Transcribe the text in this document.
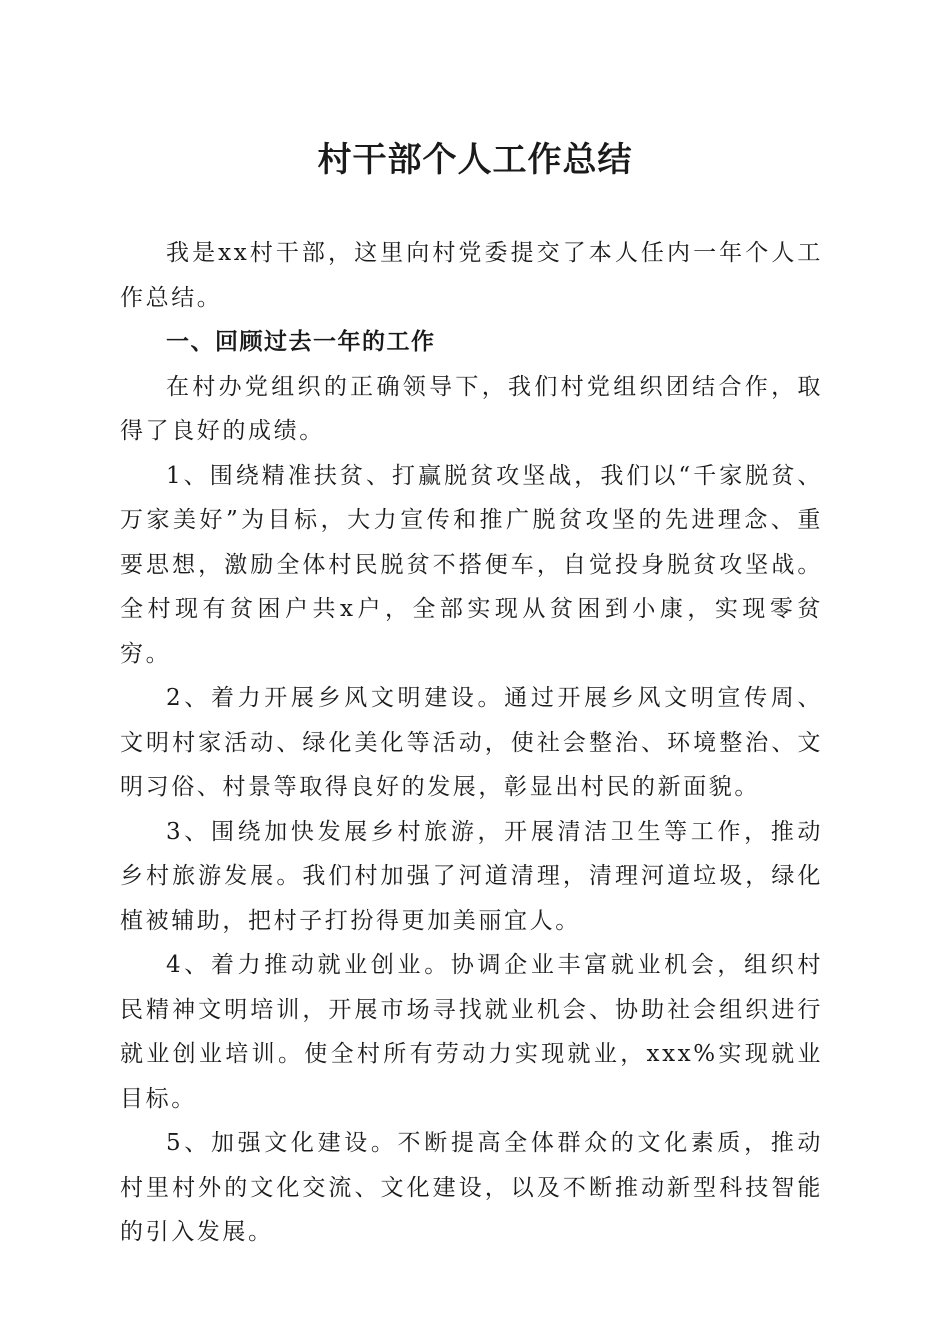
村干部个人工作总结

我是xx村干部，这里向村党委提交了本人任内一年个人工作总结。

一、回顾过去一年的工作

在村办党组织的正确领导下，我们村党组织团结合作，取得了良好的成绩。

1、围绕精准扶贫、打赢脱贫攻坚战，我们以“千家脱贫、万家美好”为目标，大力宣传和推广脱贫攻坚的先进理念、重要思想，激励全体村民脱贫不搭便车，自觉投身脱贫攻坚战。全村现有贫困户共x户，全部实现从贫困到小康，实现零贫穷。

2、着力开展乡风文明建设。通过开展乡风文明宣传周、文明村家活动、绿化美化等活动，使社会整治、环境整治、文明习俗、村景等取得良好的发展，彰显出村民的新面貌。

3、围绕加快发展乡村旅游，开展清洁卫生等工作，推动乡村旅游发展。我们村加强了河道清理，清理河道垃圾，绿化植被辅助，把村子打扮得更加美丽宜人。

4、着力推动就业创业。协调企业丰富就业机会，组织村民精神文明培训，开展市场寻找就业机会、协助社会组织进行就业创业培训。使全村所有劳动力实现就业，xxx%实现就业目标。

5、加强文化建设。不断提高全体群众的文化素质，推动村里村外的文化交流、文化建设，以及不断推动新型科技智能的引入发展。
